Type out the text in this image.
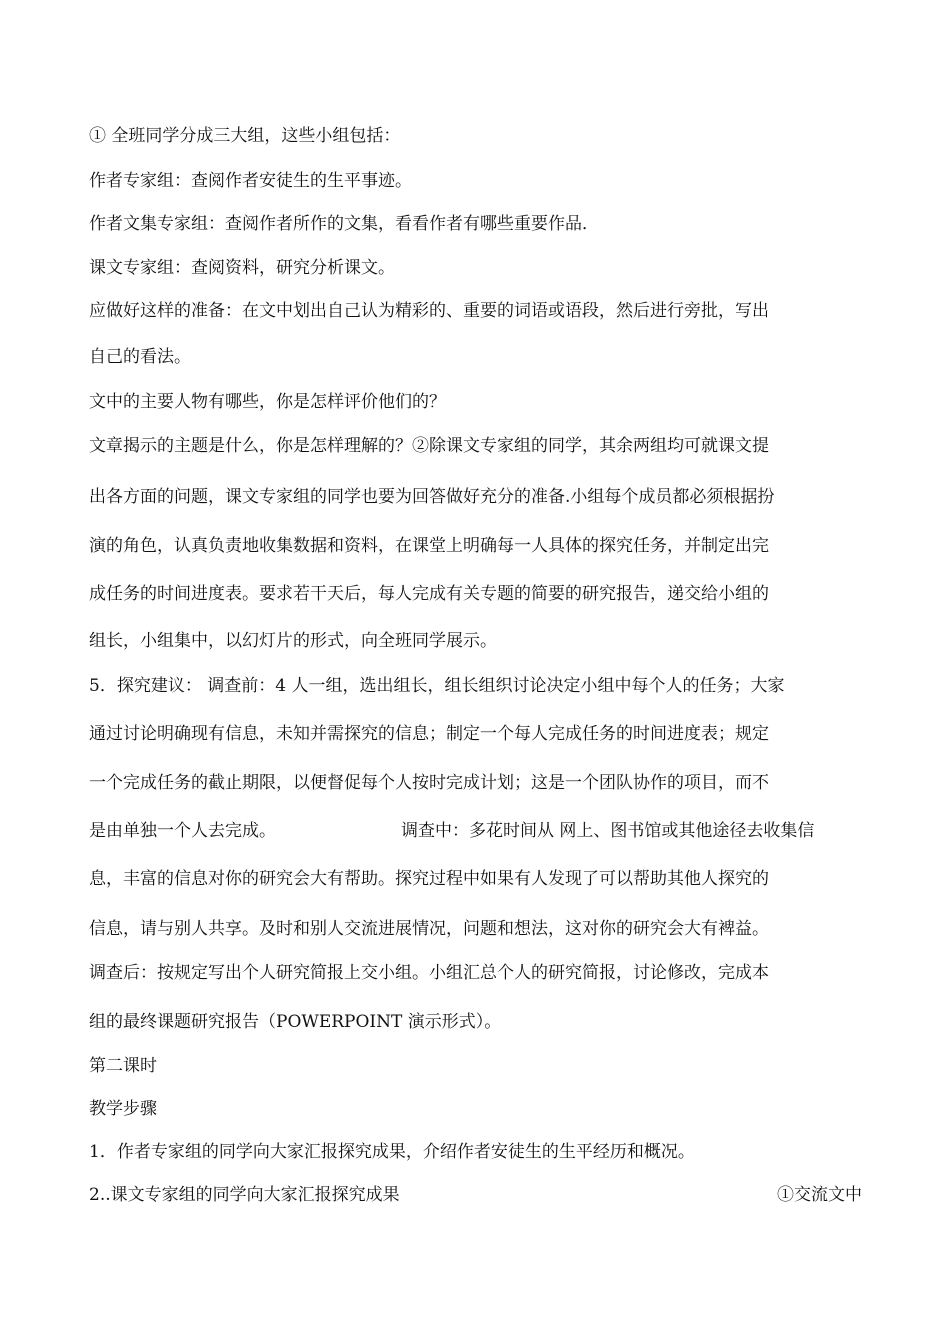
① 全班同学分成三大组，这些小组包括：
作者专家组：查阅作者安徒生的生平事迹。
作者文集专家组：查阅作者所作的文集，看看作者有哪些重要作品．
课文专家组：查阅资料，研究分析课文。
应做好这样的准备：在文中划出自己认为精彩的、重要的词语或语段，然后进行旁批，写出
自己的看法。
文中的主要人物有哪些，你是怎样评价他们的？
文章揭示的主题是什么，你是怎样理解的？②除课文专家组的同学，其余两组均可就课文提
出各方面的问题，课文专家组的同学也要为回答做好充分的准备.小组每个成员都必须根据扮
演的角色，认真负责地收集数据和资料，在课堂上明确每一人具体的探究任务，并制定出完
成任务的时间进度表。要求若干天后，每人完成有关专题的简要的研究报告，递交给小组的
组长，小组集中，以幻灯片的形式，向全班同学展示。
5．探究建议： 调查前：4 人一组，选出组长，组长组织讨论决定小组中每个人的任务；大家
通过讨论明确现有信息，未知并需探究的信息；制定一个每人完成任务的时间进度表；规定
一个完成任务的截止期限，以便督促每个人按时完成计划；这是一个团队协作的项目，而不
是由单独一个人去完成。	调查中：多花时间从 网上、图书馆或其他途径去收集信
息，丰富的信息对你的研究会大有帮助。探究过程中如果有人发现了可以帮助其他人探究的
信息，请与别人共享。及时和别人交流进展情况，问题和想法，这对你的研究会大有裨益。
调查后：按规定写出个人研究简报上交小组。小组汇总个人的研究简报，讨论修改，完成本
组的最终课题研究报告（POWERPOINT 演示形式）。
第二课时
教学步骤
1．作者专家组的同学向大家汇报探究成果，介绍作者安徒生的生平经历和概况。
2..课文专家组的同学向大家汇报探究成果	①交流文中
